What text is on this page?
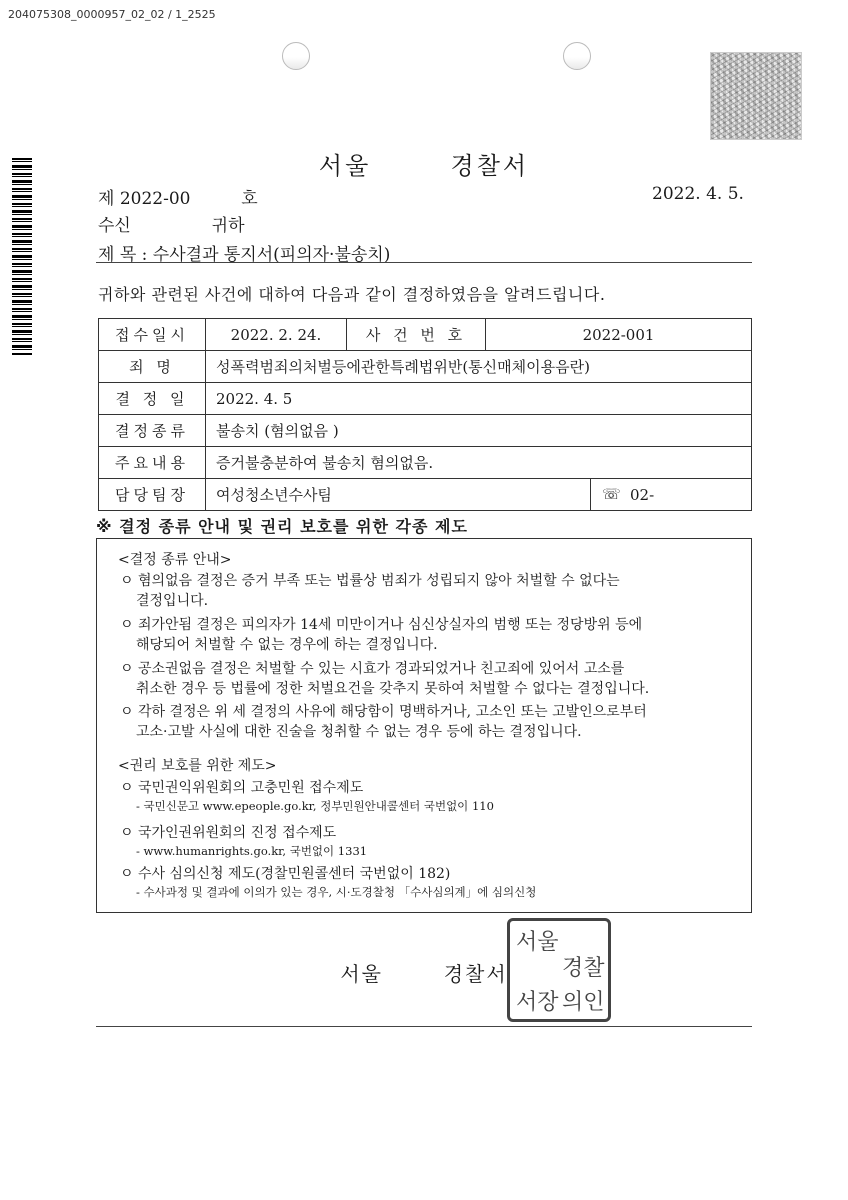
204075308_0000957_02_02 / 1_2525
서울	경찰서
제 2022-00	호	2022. 4. 5.
수신	귀하
제 목 : 수사결과 통지서(피의자·불송치)
귀하와 관련된 사건에 대하여 다음과 같이 결정하였음을 알려드립니다.
접수일시	2022. 2. 24.	사 건 번 호	2022-001
죄 명	성폭력범죄의처벌등에관한특례법위반(통신매체이용음란)		
결 정 일	2022. 4. 5		
결정종류	불송치 (혐의없음 )		
주요내용	증거불충분하여 불송치 혐의없음.		
담당팀장	여성청소년수사팀 ☏ 02-		
※ 결정 종류 안내 및 권리 보호를 위한 각종 제도
<결정 종류 안내>
ㅇ 혐의없음 결정은 증거 부족 또는 법률상 범죄가 성립되지 않아 처벌할 수 없다는
결정입니다.
ㅇ 죄가안됨 결정은 피의자가 14세 미만이거나 심신상실자의 범행 또는 정당방위 등에
해당되어 처벌할 수 없는 경우에 하는 결정입니다.
ㅇ 공소권없음 결정은 처벌할 수 있는 시효가 경과되었거나 친고죄에 있어서 고소를
취소한 경우 등 법률에 정한 처벌요건을 갖추지 못하여 처벌할 수 없다는 결정입니다.
ㅇ 각하 결정은 위 세 결정의 사유에 해당함이 명백하거나, 고소인 또는 고발인으로부터
고소·고발 사실에 대한 진술을 청취할 수 없는 경우 등에 하는 결정입니다.
<권리 보호를 위한 제도>
ㅇ 국민권익위원회의 고충민원 접수제도
- 국민신문고 www.epeople.go.kr, 정부민원안내콜센터 국번없이 110
ㅇ 국가인권위원회의 진정 접수제도
- www.humanrights.go.kr, 국번없이 1331
ㅇ 수사 심의신청 제도(경찰민원콜센터 국번없이 182)
- 수사과정 및 결과에 이의가 있는 경우, 시·도경찰청 「수사심의계」에 심의신청
서울	경찰서
서울
경찰
서장 의인
